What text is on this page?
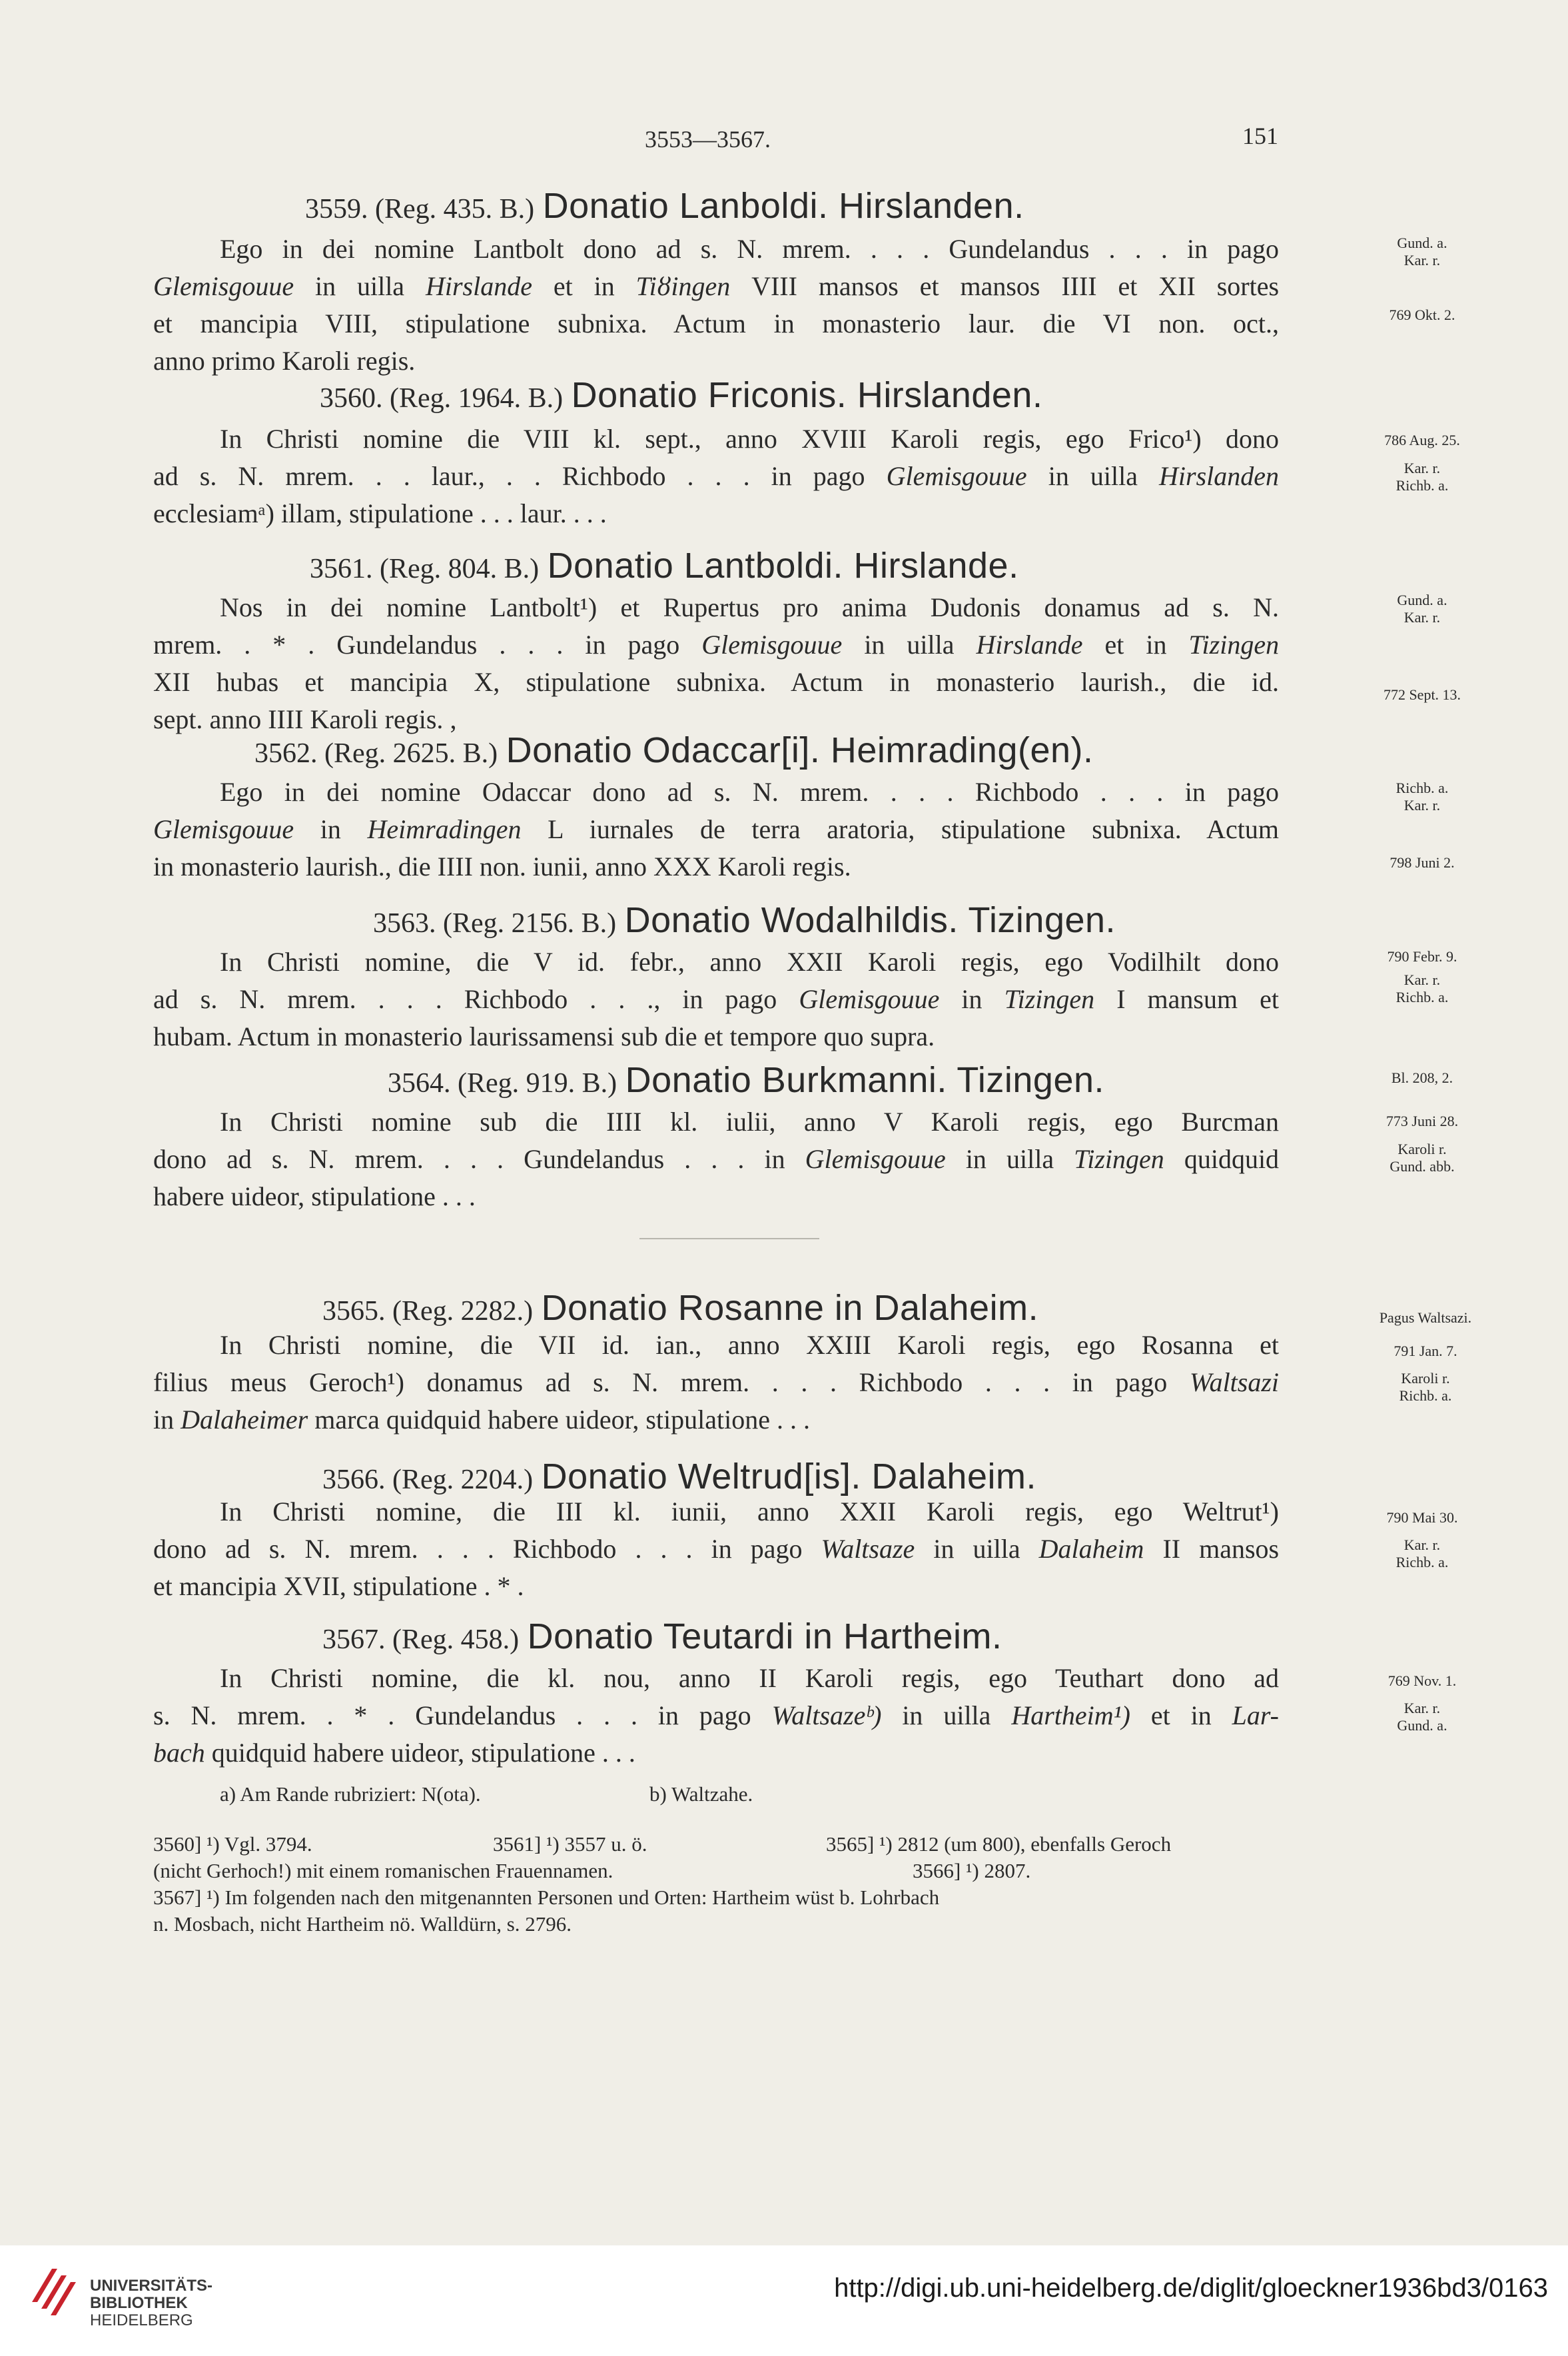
3553—3567.	151
3559. (Reg. 435. B.) Donatio Lanboldi. Hirslanden.
Ego in dei nomine Lantbolt dono ad s. N. mrem. . . . Gundelandus . . . in pago
Glemisgouue in uilla Hirslande et in Tiȣingen VIII mansos et mansos IIII et XII sortes
et mancipia VIII, stipulatione subnixa. Actum in monasterio laur. die VI non. oct.,
anno primo Karoli regis.
Gund. a.
Kar. r.
769 Okt. 2.
3560. (Reg. 1964. B.) Donatio Friconis. Hirslanden.
In Christi nomine die VIII kl. sept., anno XVIII Karoli regis, ego Frico¹) dono
ad s. N. mrem. . . laur., . . Richbodo . . . in pago Glemisgouue in uilla Hirslanden
ecclesiamᵃ) illam, stipulatione . . . laur. . . .
786 Aug. 25.
Kar. r.
Richb. a.
3561. (Reg. 804. B.) Donatio Lantboldi. Hirslande.
Nos in dei nomine Lantbolt¹) et Rupertus pro anima Dudonis donamus ad s. N.
mrem. . * . Gundelandus . . . in pago Glemisgouue in uilla Hirslande et in Tizingen
XII hubas et mancipia X, stipulatione subnixa. Actum in monasterio laurish., die id.
sept. anno IIII Karoli regis. ,
Gund. a.
Kar. r.
772 Sept. 13.
3562. (Reg. 2625. B.) Donatio Odaccar[i]. Heimrading(en).
Ego in dei nomine Odaccar dono ad s. N. mrem. . . . Richbodo . . . in pago
Glemisgouue in Heimradingen L iurnales de terra aratoria, stipulatione subnixa. Actum
in monasterio laurish., die IIII non. iunii, anno XXX Karoli regis.
Richb. a.
Kar. r.
798 Juni 2.
3563. (Reg. 2156. B.) Donatio Wodalhildis. Tizingen.
In Christi nomine, die V id. febr., anno XXII Karoli regis, ego Vodilhilt dono
ad s. N. mrem. . . . Richbodo . . ., in pago Glemisgouue in Tizingen I mansum et
hubam. Actum in monasterio laurissamensi sub die et tempore quo supra.
790 Febr. 9.
Kar. r.
Richb. a.
3564. (Reg. 919. B.) Donatio Burkmanni. Tizingen.
In Christi nomine sub die IIII kl. iulii, anno V Karoli regis, ego Burcman
dono ad s. N. mrem. . . . Gundelandus . . . in Glemisgouue in uilla Tizingen quidquid
habere uideor, stipulatione . . .
Bl. 208, 2.
773 Juni 28.
Karoli r.
Gund. abb.
3565. (Reg. 2282.) Donatio Rosanne in Dalaheim.
In Christi nomine, die VII id. ian., anno XXIII Karoli regis, ego Rosanna et
filius meus Geroch¹) donamus ad s. N. mrem. . . . Richbodo . . . in pago Waltsazi
in Dalaheimer marca quidquid habere uideor, stipulatione . . .
Pagus Waltsazi.
791 Jan. 7.
Karoli r.
Richb. a.
3566. (Reg. 2204.) Donatio Weltrud[is]. Dalaheim.
In Christi nomine, die III kl. iunii, anno XXII Karoli regis, ego Weltrut¹)
dono ad s. N. mrem. . . . Richbodo . . . in pago Waltsaze in uilla Dalaheim II mansos
et mancipia XVII, stipulatione . * .
790 Mai 30.
Kar. r.
Richb. a.
3567. (Reg. 458.) Donatio Teutardi in Hartheim.
In Christi nomine, die kl. nou, anno II Karoli regis, ego Teuthart dono ad
s. N. mrem. . * . Gundelandus . . . in pago Waltsazeᵇ) in uilla Hartheim¹) et in Lar-
bach quidquid habere uideor, stipulatione . . .
769 Nov. 1.
Kar. r.
Gund. a.
a) Am Rande rubriziert: N(ota).	b) Waltzahe.
3560] ¹) Vgl. 3794.	3561] ¹) 3557 u. ö.	3565] ¹) 2812 (um 800), ebenfalls Geroch
(nicht Gerhoch!) mit einem romanischen Frauennamen.	3566] ¹) 2807.
3567] ¹) Im folgenden nach den mitgenannten Personen und Orten: Hartheim wüst b. Lohrbach
n. Mosbach, nicht Hartheim nö. Walldürn, s. 2796.
UNIVERSITÄTS-
BIBLIOTHEK
HEIDELBERG
http://digi.ub.uni-heidelberg.de/diglit/gloeckner1936bd3/0163
